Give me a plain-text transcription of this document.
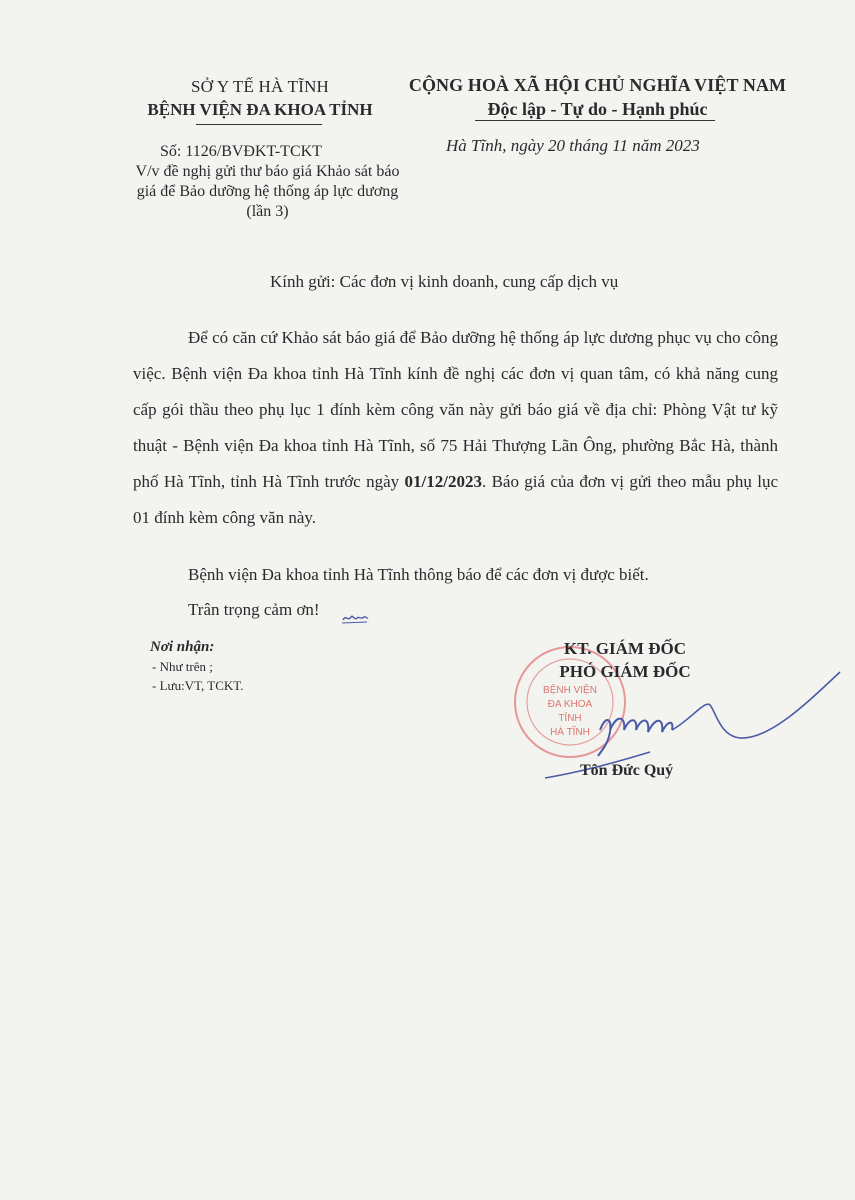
SỞ Y TẾ HÀ TĨNH
BỆNH VIỆN ĐA KHOA TỈNH
CỘNG HOÀ XÃ HỘI CHỦ NGHĨA VIỆT NAM
Độc lập - Tự do - Hạnh phúc
Hà Tĩnh, ngày 20 tháng 11 năm 2023
Số: 1126/BVĐKT-TCKT
V/v đề nghị gửi thư báo giá Khảo sát báo giá để Bảo dưỡng hệ thống áp lực dương (lần 3)
Kính gửi: Các đơn vị kinh doanh, cung cấp dịch vụ

Để có căn cứ Khảo sát báo giá để Bảo dưỡng hệ thống áp lực dương phục vụ cho công việc. Bệnh viện Đa khoa tỉnh Hà Tĩnh kính đề nghị các đơn vị quan tâm, có khả năng cung cấp gói thầu theo phụ lục 1 đính kèm công văn này gửi báo giá về địa chỉ: Phòng Vật tư kỹ thuật - Bệnh viện Đa khoa tỉnh Hà Tĩnh, số 75 Hải Thượng Lãn Ông, phường Bắc Hà, thành phố Hà Tĩnh, tỉnh Hà Tĩnh trước ngày 01/12/2023. Báo giá của đơn vị gửi theo mẫu phụ lục 01 đính kèm công văn này.

Bệnh viện Đa khoa tỉnh Hà Tĩnh thông báo để các đơn vị được biết.
Trân trọng cảm ơn!
Nơi nhận:
- Như trên ;
- Lưu:VT, TCKT.	BỆNH VIỆN
ĐA KHOA
TỈNH
HÀ TĨNH
KT. GIÁM ĐỐC
PHÓ GIÁM ĐỐC
Tôn Đức Quý
